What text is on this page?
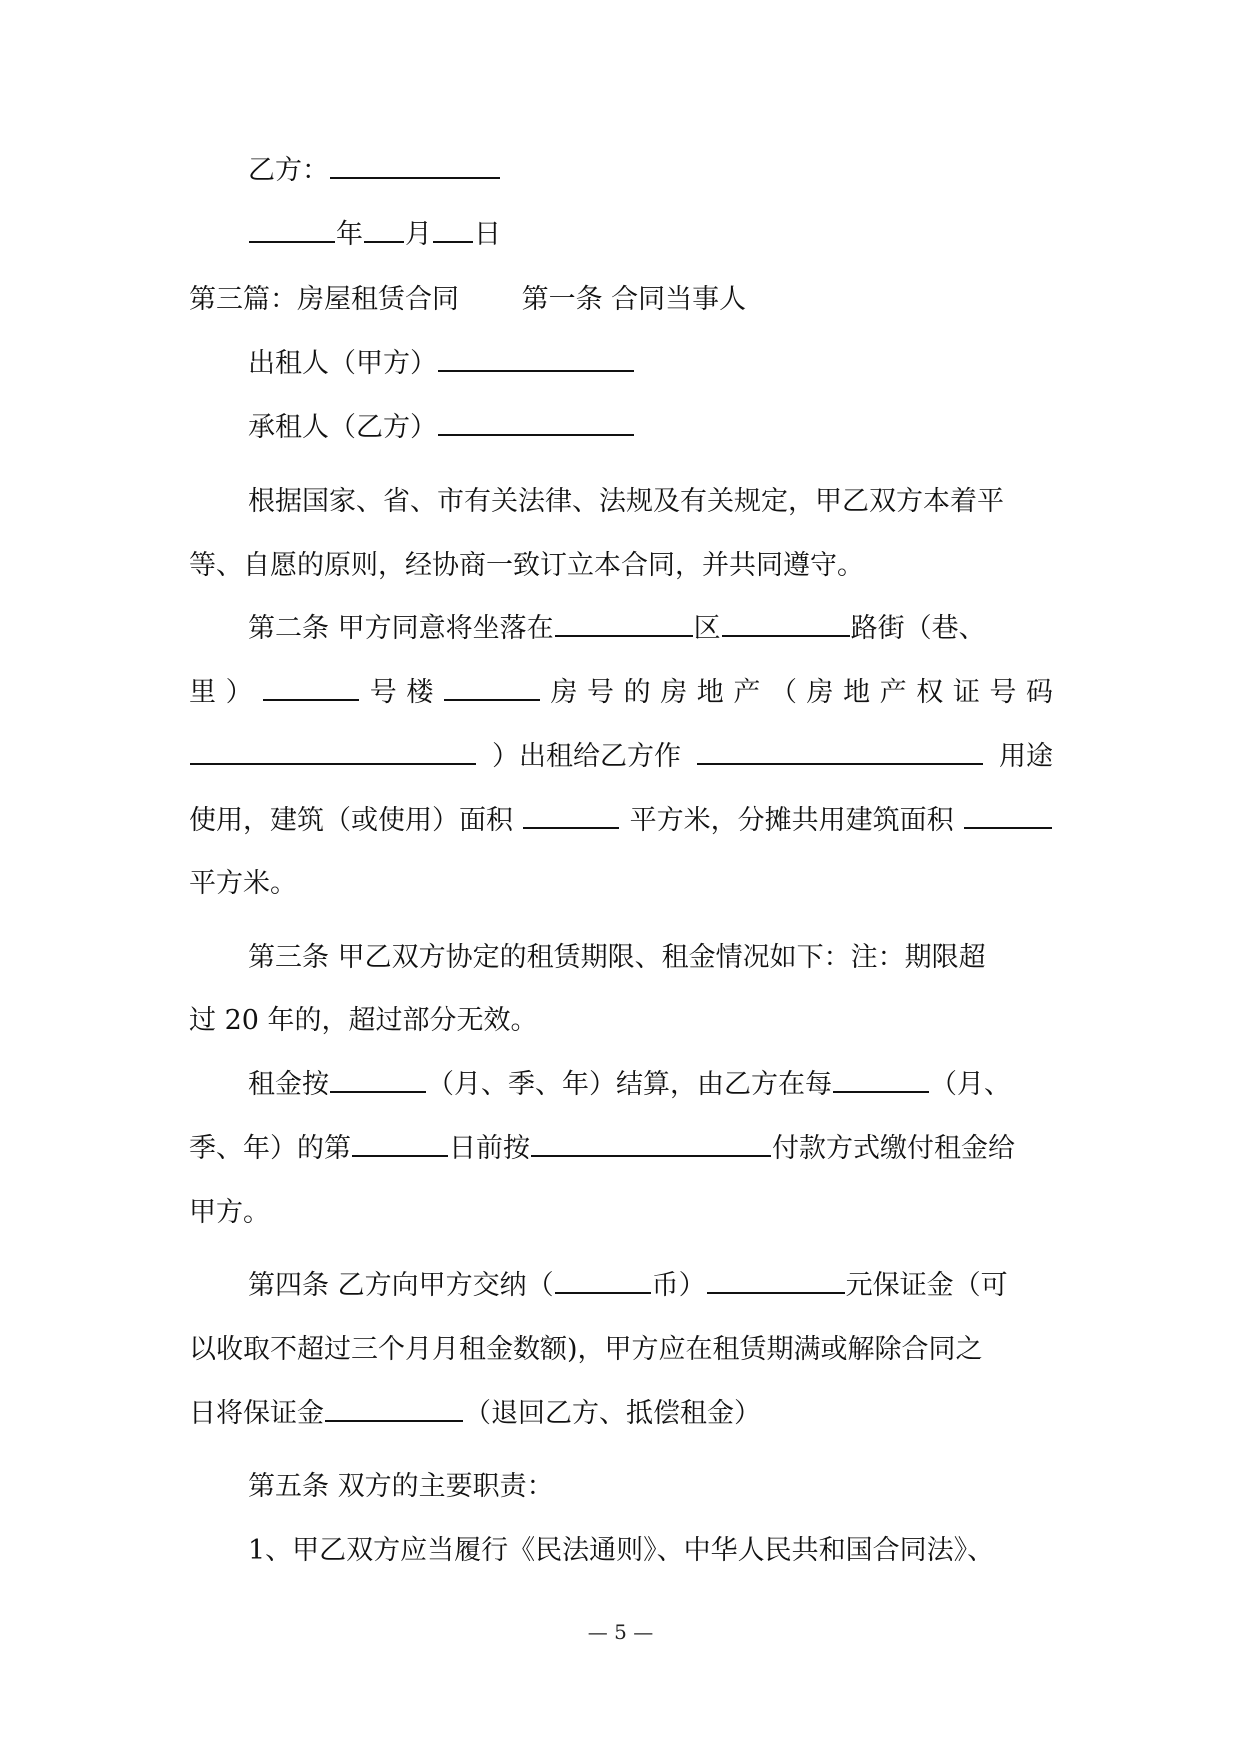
乙方：
年 月 日
第三篇：房屋租赁合同　　 第一条 合同当事人
出租人（甲方）
承租人（乙方）
根据国家、省、市有关法律、法规及有关规定，甲乙双方本着平
等、自愿的原则，经协商一致订立本合同，并共同遵守。
第二条 甲方同意将坐落在	区	路街（巷、
里 ）	号 楼	房 号 的 房 地 产 （ 房 地 产 权 证 号 码
）出租给乙方作	用途
使用，建筑（或使用）面积	平方米，分摊共用建筑面积
平方米。
第三条 甲乙双方协定的租赁期限、租金情况如下：注：期限超
过 20 年的，超过部分无效。
租金按	（月、季、年）结算，由乙方在每	（月、
季、年）的第	日前按	付款方式缴付租金给
甲方。
第四条 乙方向甲方交纳（	币）	元保证金（可
以收取不超过三个月月租金数额)，甲方应在租赁期满或解除合同之
日将保证金	（退回乙方、抵偿租金）
第五条 双方的主要职责：
1、甲乙双方应当履行《民法通则》、中华人民共和国合同法》、
— 5 —
